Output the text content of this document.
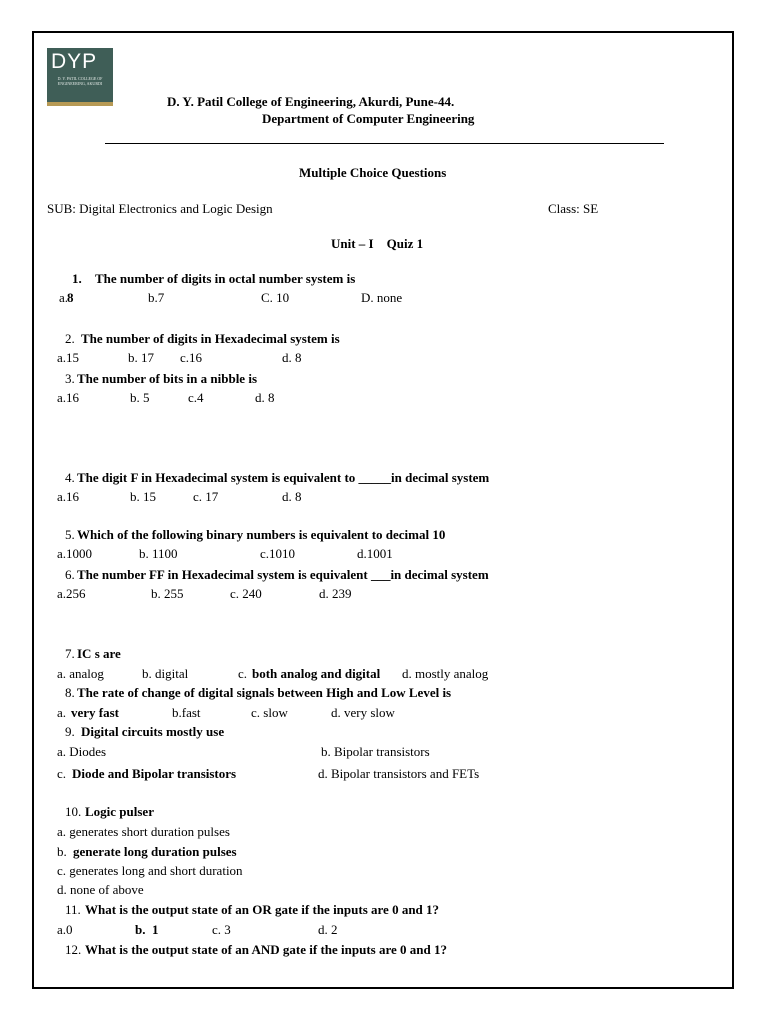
DYP
D. Y. PATIL COLLEGE OF ENGINEERING, AKURDI
D. Y. Patil College of Engineering, Akurdi, Pune-44.
Department of Computer Engineering
Multiple Choice Questions
SUB: Digital Electronics and Logic Design	Class: SE
Unit – I    Quiz 1
1. The number of digits in octal number system is
a.
8	b.7	C. 10	D. none
2. The number of digits in Hexadecimal system is
a.15	b. 17 c.16	d. 8
3. The number of bits in a nibble is
a.16	b. 5	c.4	d. 8
4. The digit F in Hexadecimal system is equivalent to _____in decimal system
a.16	b. 15	c. 17	d. 8
5. Which of the following binary numbers is equivalent to decimal 10
a.1000	b. 1100	c.1010	d.1001
6. The number FF in Hexadecimal system is equivalent ___in decimal system
a.256	b. 255	c. 240	d. 239
7. IC s are
a. analog	b. digital	c. both analog and digital d. mostly analog
8. The rate of change of digital signals between High and Low Level is
a. very fast	b.fast	c. slow	d. very slow
9. Digital circuits mostly use
a. Diodes	b. Bipolar transistors
c. Diode and Bipolar transistors	d. Bipolar transistors and FETs
10. Logic pulser
a. generates short duration pulses
b. generate long duration pulses
c. generates long and short duration
d. none of above
11. What is the output state of an OR gate if the inputs are 0 and 1?
a.0	b.  1	c. 3	d. 2
12. What is the output state of an AND gate if the inputs are 0 and 1?
